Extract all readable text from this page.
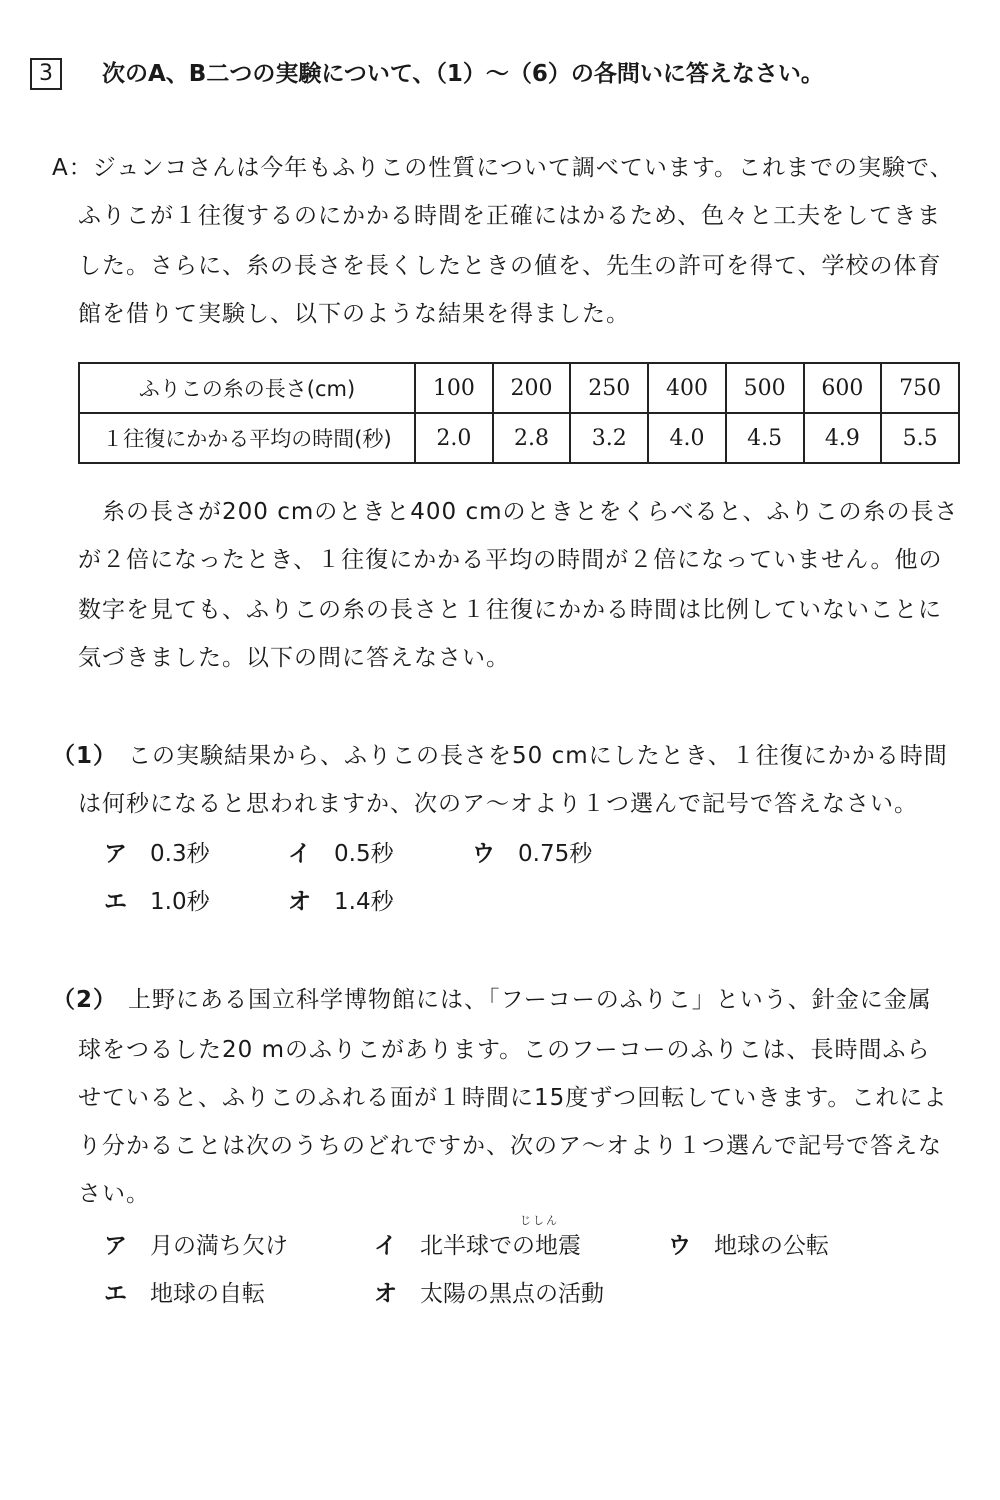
3	次のA、B二つの実験について、（1）～（6）の各問いに答えなさい。
A：ジュンコさんは今年もふりこの性質について調べています。これまでの実験で、
ふりこが１往復するのにかかる時間を正確にはかるため、色々と工夫をしてきま
した。さらに、糸の長さを長くしたときの値を、先生の許可を得て、学校の体育
館を借りて実験し、以下のような結果を得ました。
ふりこの糸の長さ(cm)	100	200	250	400	500	600	750
１往復にかかる平均の時間(秒)	2.0	2.8	3.2	4.0	4.5	4.9	5.5
糸の長さが200 cmのときと400 cmのときとをくらべると、ふりこの糸の長さ
が２倍になったとき、１往復にかかる平均の時間が２倍になっていません。他の
数字を見ても、ふりこの糸の長さと１往復にかかる時間は比例していないことに
気づきました。以下の問に答えなさい。
（1） この実験結果から、ふりこの長さを50 cmにしたとき、１往復にかかる時間
は何秒になると思われますか、次のア～オより１つ選んで記号で答えなさい。
ア 0.3秒	イ 0.5秒	ウ 0.75秒
エ 1.0秒	オ 1.4秒
（2） 上野にある国立科学博物館には、「フーコーのふりこ」という、針金に金属
球をつるした20 mのふりこがあります。このフーコーのふりこは、長時間ふら
せていると、ふりこのふれる面が１時間に15度ずつ回転していきます。これによ
り分かることは次のうちのどれですか、次のア～オより１つ選んで記号で答えな
さい。
じしん
ア 月の満ち欠け	イ 北半球での地震	ウ 地球の公転
エ 地球の自転	オ 太陽の黒点の活動
